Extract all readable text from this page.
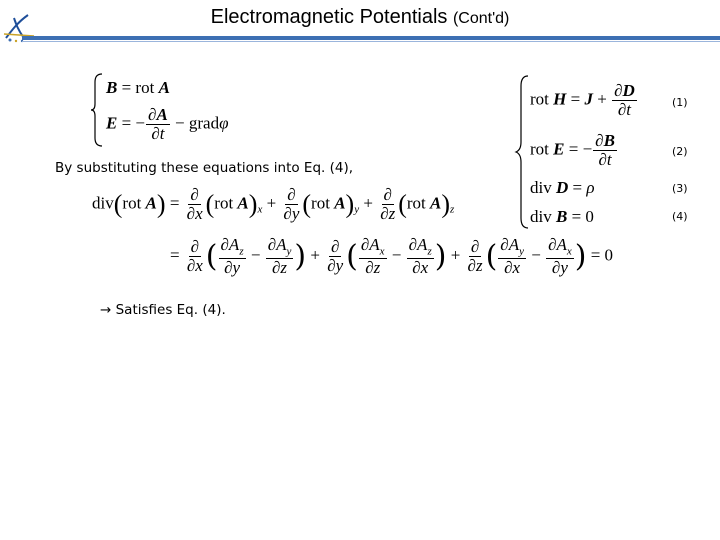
Electromagnetic Potentials (Cont'd)
B = rot A
E = − $\frac{\partial A}{\partial t}$ − gradφ
rot $H = J + \frac{\partial D}{\partial t}$
rot E = − $\frac{\partial B}{\partial t}$
div D = ρ
div B = 0
(1)
(2)
(3)
(4)
By substituting these equations into Eq. (4),
div(rot $A) = \frac{\partial}{\partial x} (rot$ $A)_x + \frac{\partial}{\partial y} (rot$ $A)_y + \frac{\partial}{\partial z} (rot$ $A)_z$
= $\frac{\partial}{\partial x}$ ( $\frac{\partial A_z}{\partial y} - \frac{\partial A_y}{\partial z}$ ) + $\frac{\partial}{\partial y}$ ( $\frac{\partial A_x}{\partial z} - \frac{\partial A_z}{\partial x}$ ) + $\frac{\partial}{\partial z}$ ( $\frac{\partial A_y}{\partial x} - \frac{\partial A_x}{\partial y}$ ) = 0
→ Satisfies Eq. (4).
